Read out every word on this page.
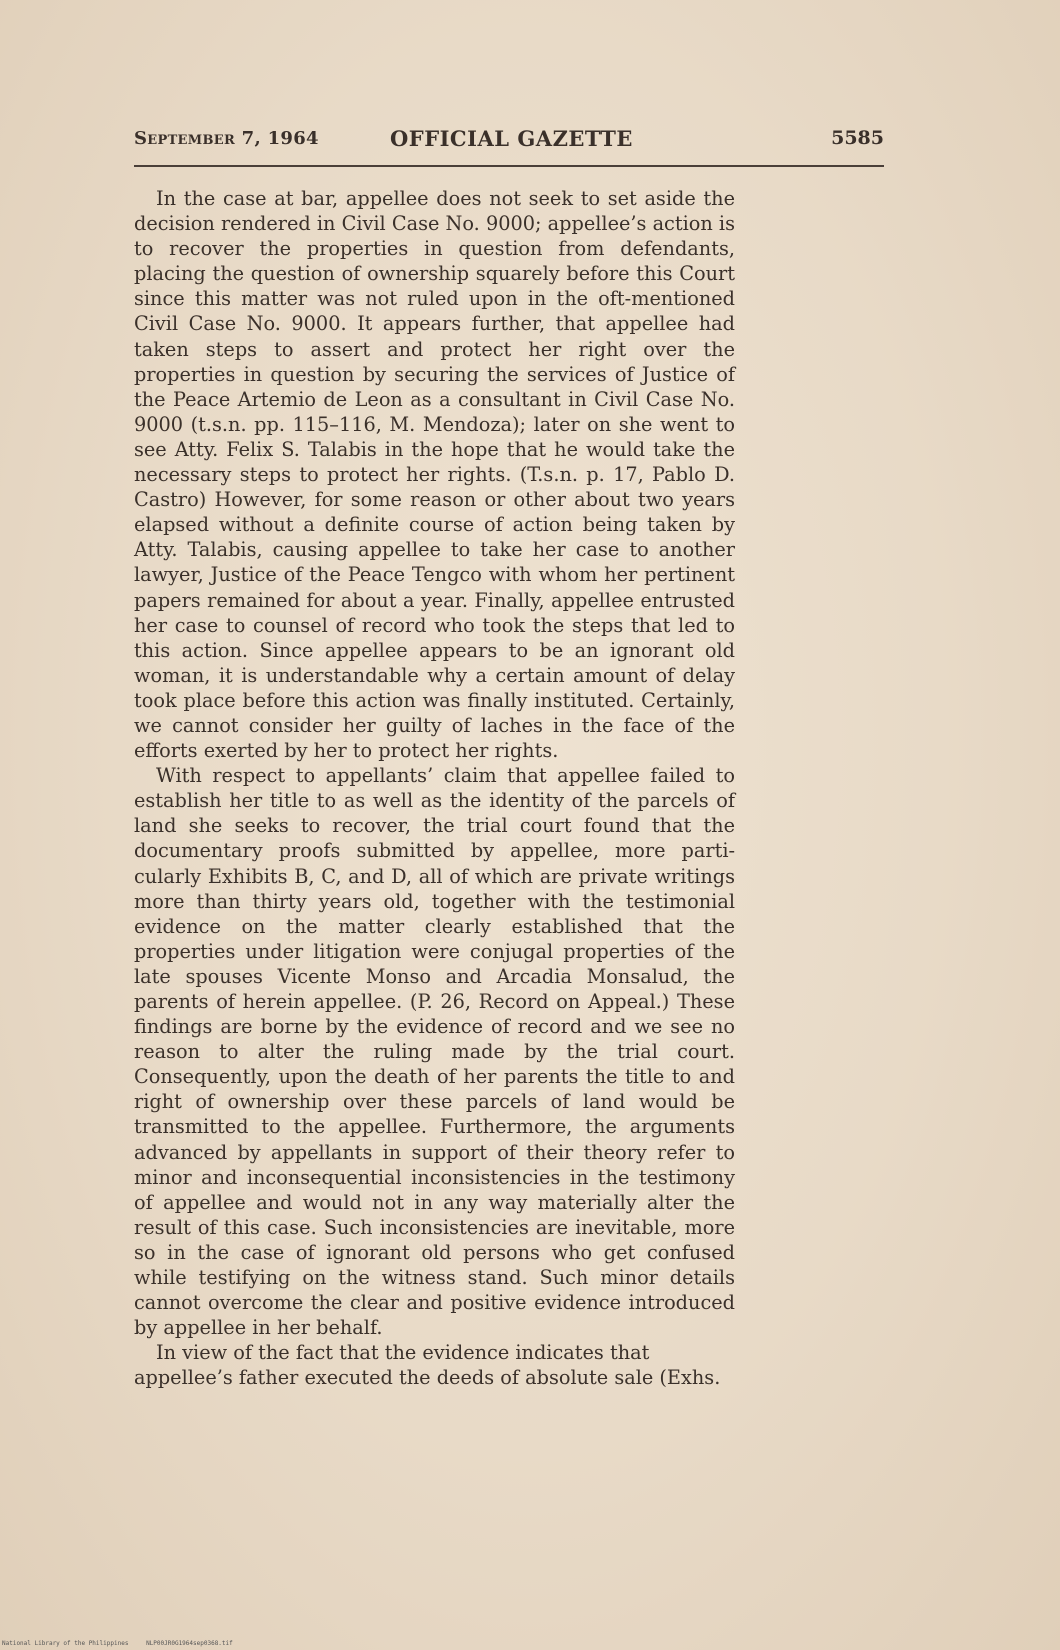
September 7, 1964	OFFICIAL GAZETTE	5585

In the case at bar, appellee does not seek to set aside the decision rendered in Civil Case No. 9000; appellee’s action is to recover the properties in question from defendants, placing the question of ownership squarely before this Court since this matter was not ruled upon in the oft-mentioned Civil Case No. 9000. It appears further, that appellee had taken steps to assert and protect her right over the properties in question by securing the services of Justice of the Peace Artemio de Leon as a consultant in Civil Case No. 9000 (t.s.n. pp. 115–116, M. Mendoza); later on she went to see Atty. Felix S. Talabis in the hope that he would take the necessary steps to protect her rights. (T.s.n. p. 17, Pablo D. Castro) However, for some reason or other about two years elapsed without a definite course of action being taken by Atty. Talabis, causing appellee to take her case to another lawyer, Justice of the Peace Tengco with whom her pertinent papers remained for about a year. Finally, appellee entrusted her case to counsel of record who took the steps that led to this action. Since appellee appears to be an ignorant old woman, it is understandable why a certain amount of delay took place before this action was finally instituted. Certainly, we cannot consider her guilty of laches in the face of the efforts exerted by her to protect her rights.

With respect to appellants’ claim that appellee failed to establish her title to as well as the identity of the parcels of land she seeks to recover, the trial court found that the documentary proofs submitted by appellee, more particularly Exhibits B, C, and D, all of which are private writings more than thirty years old, together with the testimonial evidence on the matter clearly established that the properties under litigation were conjugal properties of the late spouses Vicente Monso and Arcadia Monsalud, the parents of herein appellee. (P. 26, Record on Appeal.) These findings are borne by the evidence of record and we see no reason to alter the ruling made by the trial court. Consequently, upon the death of her parents the title to and right of ownership over these parcels of land would be transmitted to the appellee. Furthermore, the arguments advanced by appellants in support of their theory refer to minor and inconsequential inconsistencies in the testimony of appellee and would not in any way materially alter the result of this case. Such inconsistencies are inevitable, more so in the case of ignorant old persons who get confused while testifying on the witness stand. Such minor details cannot overcome the clear and positive evidence introduced by appellee in her behalf.

In view of the fact that the evidence indicates that appellee’s father executed the deeds of absolute sale (Exhs.

National Library of the Philippines	NLP00JR0G1964sep0368.tif
